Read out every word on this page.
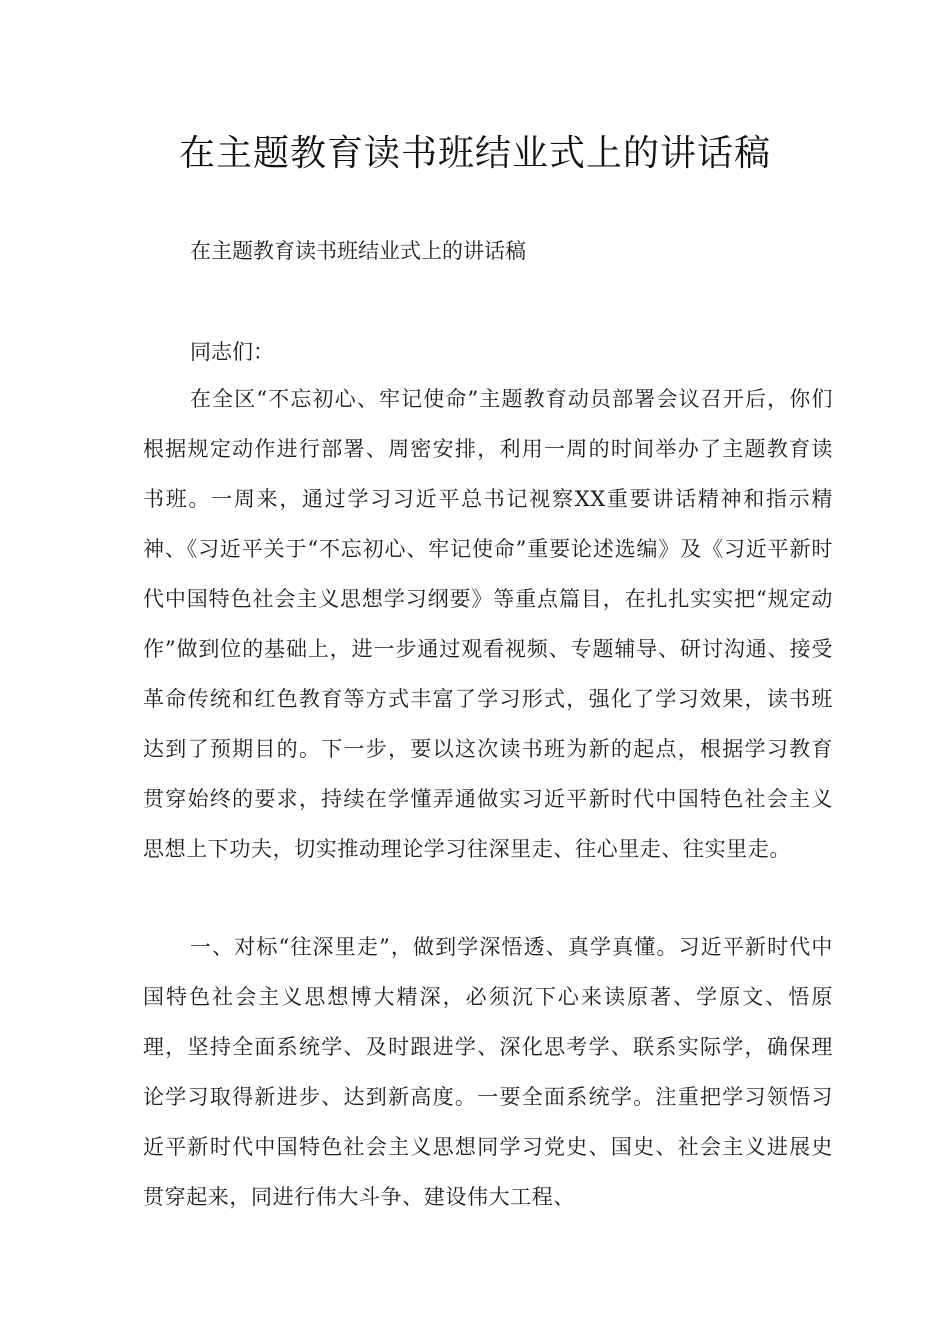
在主题教育读书班结业式上的讲话稿

在主题教育读书班结业式上的讲话稿

同志们：

在全区“不忘初心、牢记使命”主题教育动员部署会议召开后，你们根据规定动作进行部署、周密安排，利用一周的时间举办了主题教育读书班。一周来，通过学习习近平总书记视察XX重要讲话精神和指示精神、《习近平关于“不忘初心、牢记使命”重要论述选编》及《习近平新时代中国特色社会主义思想学习纲要》等重点篇目，在扎扎实实把“规定动作”做到位的基础上，进一步通过观看视频、专题辅导、研讨沟通、接受革命传统和红色教育等方式丰富了学习形式，强化了学习效果，读书班达到了预期目的。下一步，要以这次读书班为新的起点，根据学习教育贯穿始终的要求，持续在学懂弄通做实习近平新时代中国特色社会主义思想上下功夫，切实推动理论学习往深里走、往心里走、往实里走。

一、对标“往深里走”，做到学深悟透、真学真懂。习近平新时代中国特色社会主义思想博大精深，必须沉下心来读原著、学原文、悟原理，坚持全面系统学、及时跟进学、深化思考学、联系实际学，确保理论学习取得新进步、达到新高度。一要全面系统学。注重把学习领悟习近平新时代中国特色社会主义思想同学习党史、国史、社会主义进展史贯穿起来，同进行伟大斗争、建设伟大工程、
